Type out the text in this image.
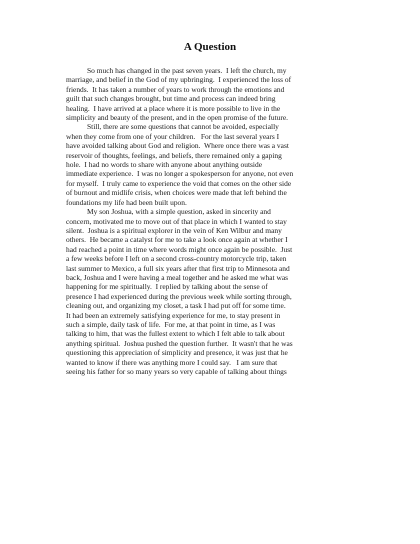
A Question
So much has changed in the past seven years.  I left the church, my
marriage, and belief in the God of my upbringing.  I experienced the loss of
friends.  It has taken a number of years to work through the emotions and
guilt that such changes brought, but time and process can indeed bring
healing.  I have arrived at a place where it is more possible to live in the
simplicity and beauty of the present, and in the open promise of the future.
Still, there are some questions that cannot be avoided, especially
when they come from one of your children.   For the last several years I
have avoided talking about God and religion.  Where once there was a vast
reservoir of thoughts, feelings, and beliefs, there remained only a gaping
hole.  I had no words to share with anyone about anything outside
immediate experience.  I was no longer a spokesperson for anyone, not even
for myself.  I truly came to experience the void that comes on the other side
of burnout and midlife crisis, when choices were made that left behind the
foundations my life had been built upon.
My son Joshua, with a simple question, asked in sincerity and
concern, motivated me to move out of that place in which I wanted to stay
silent.  Joshua is a spiritual explorer in the vein of Ken Wilbur and many
others.  He became a catalyst for me to take a look once again at whether I
had reached a point in time where words might once again be possible.  Just
a few weeks before I left on a second cross-country motorcycle trip, taken
last summer to Mexico, a full six years after that first trip to Minnesota and
back, Joshua and I were having a meal together and he asked me what was
happening for me spiritually.  I replied by talking about the sense of
presence I had experienced during the previous week while sorting through,
cleaning out, and organizing my closet, a task I had put off for some time.
It had been an extremely satisfying experience for me, to stay present in
such a simple, daily task of life.  For me, at that point in time, as I was
talking to him, that was the fullest extent to which I felt able to talk about
anything spiritual.  Joshua pushed the question further.  It wasn't that he was
questioning this appreciation of simplicity and presence, it was just that he
wanted to know if there was anything more I could say.   I am sure that
seeing his father for so many years so very capable of talking about things
